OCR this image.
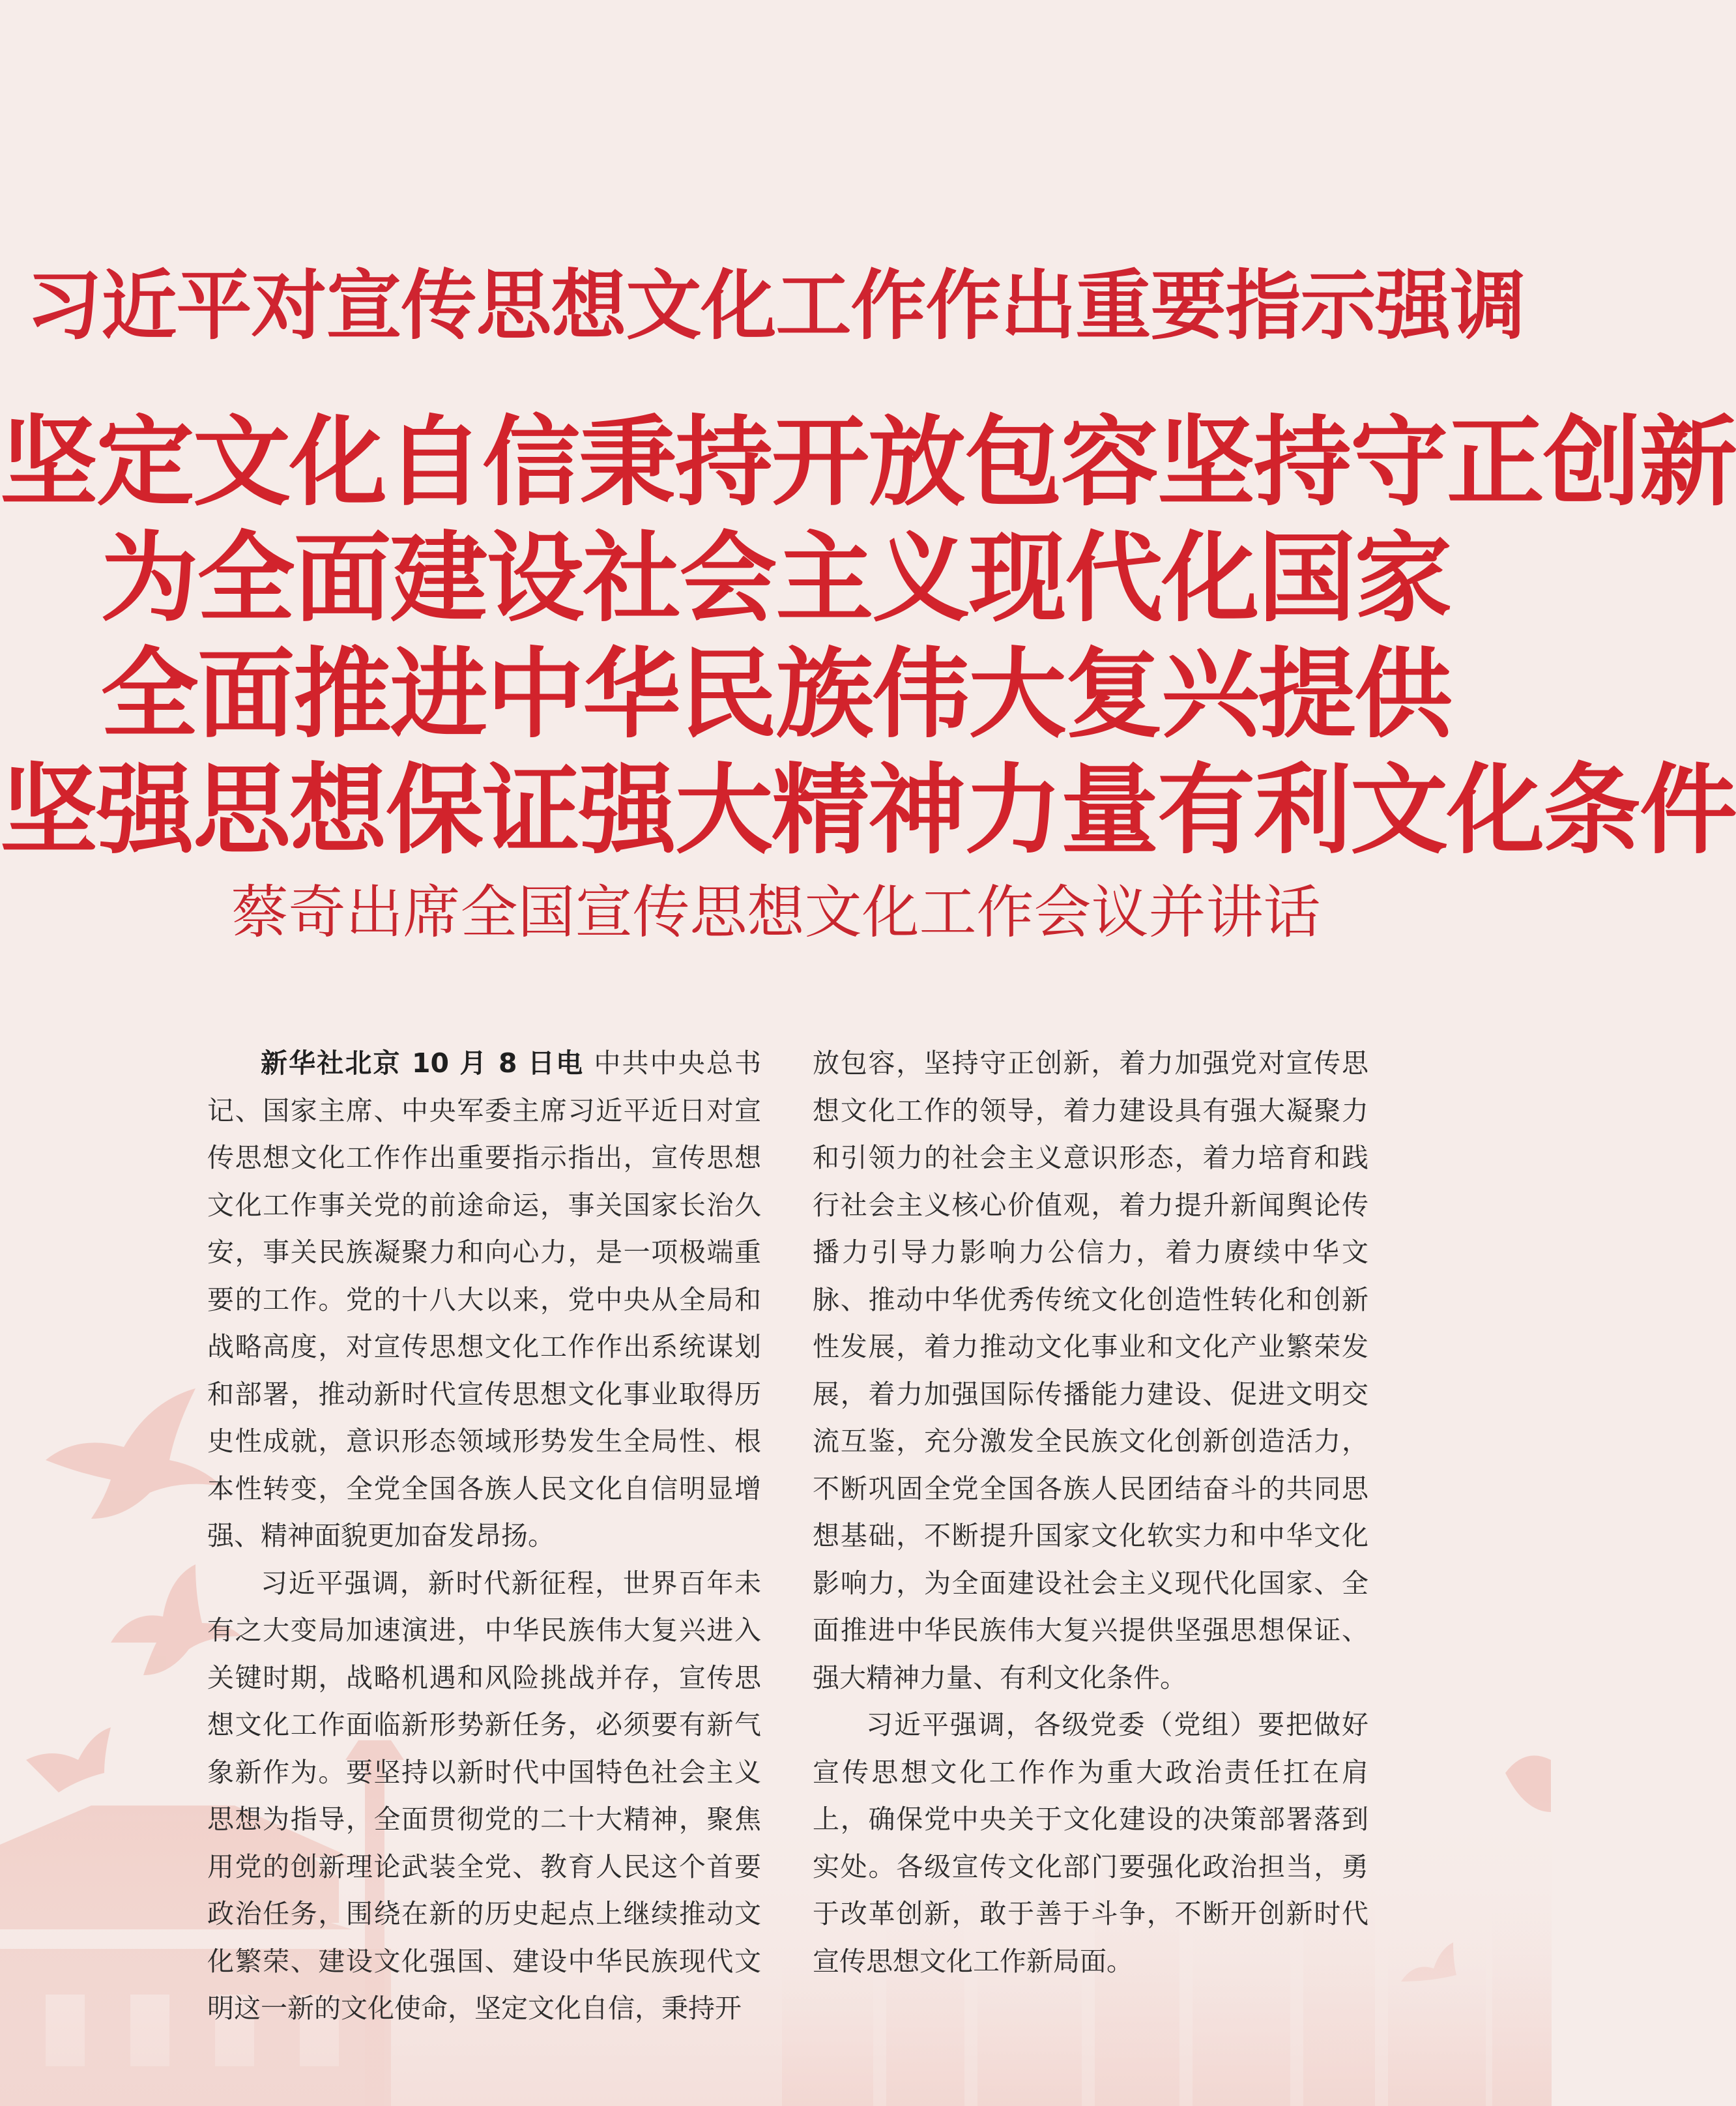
习近平对宣传思想文化工作作出重要指示强调
坚定文化自信秉持开放包容坚持守正创新
为全面建设社会主义现代化国家
全面推进中华民族伟大复兴提供
坚强思想保证强大精神力量有利文化条件
蔡奇出席全国宣传思想文化工作会议并讲话

新华社北京 10 月 8 日电 中共中央总书记、国家主席、中央军委主席习近平近日对宣传思想文化工作作出重要指示指出，宣传思想文化工作事关党的前途命运，事关国家长治久安，事关民族凝聚力和向心力，是一项极端重要的工作。党的十八大以来，党中央从全局和战略高度，对宣传思想文化工作作出系统谋划和部署，推动新时代宣传思想文化事业取得历史性成就，意识形态领域形势发生全局性、根本性转变，全党全国各族人民文化自信明显增强、精神面貌更加奋发昂扬。

习近平强调，新时代新征程，世界百年未有之大变局加速演进，中华民族伟大复兴进入关键时期，战略机遇和风险挑战并存，宣传思想文化工作面临新形势新任务，必须要有新气象新作为。要坚持以新时代中国特色社会主义思想为指导，全面贯彻党的二十大精神，聚焦用党的创新理论武装全党、教育人民这个首要政治任务，围绕在新的历史起点上继续推动文化繁荣、建设文化强国、建设中华民族现代文明这一新的文化使命，坚定文化自信，秉持开

放包容，坚持守正创新，着力加强党对宣传思想文化工作的领导，着力建设具有强大凝聚力和引领力的社会主义意识形态，着力培育和践行社会主义核心价值观，着力提升新闻舆论传播力引导力影响力公信力，着力赓续中华文脉、推动中华优秀传统文化创造性转化和创新性发展，着力推动文化事业和文化产业繁荣发展，着力加强国际传播能力建设、促进文明交流互鉴，充分激发全民族文化创新创造活力，不断巩固全党全国各族人民团结奋斗的共同思想基础，不断提升国家文化软实力和中华文化影响力，为全面建设社会主义现代化国家、全面推进中华民族伟大复兴提供坚强思想保证、强大精神力量、有利文化条件。

习近平强调，各级党委（党组）要把做好宣传思想文化工作作为重大政治责任扛在肩上，确保党中央关于文化建设的决策部署落到实处。各级宣传文化部门要强化政治担当，勇于改革创新，敢于善于斗争，不断开创新时代宣传思想文化工作新局面。
